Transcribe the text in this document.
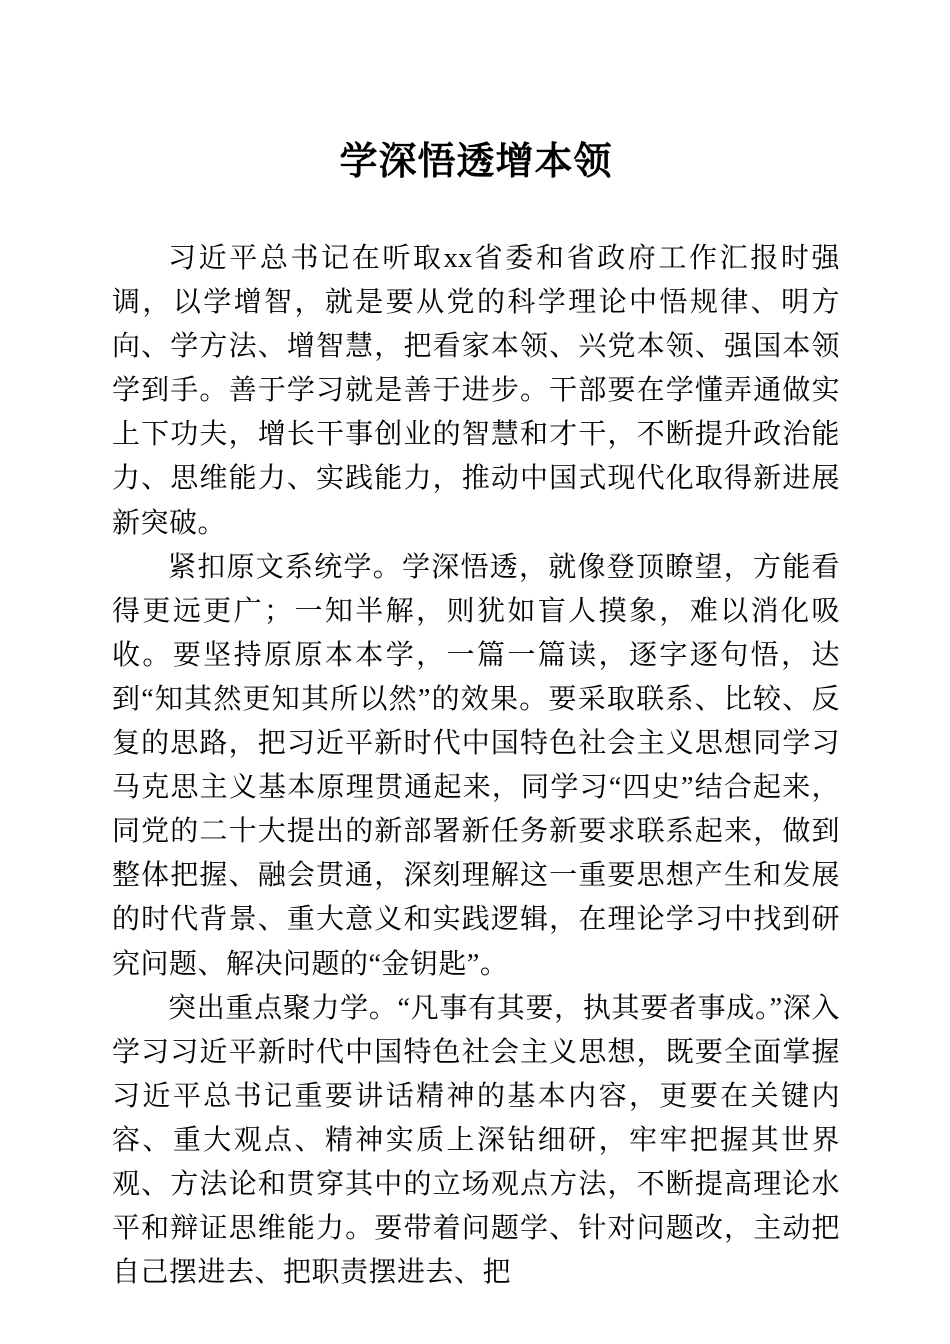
学深悟透增本领

习近平总书记在听取xx省委和省政府工作汇报时强调，以学增智，就是要从党的科学理论中悟规律、明方向、学方法、增智慧，把看家本领、兴党本领、强国本领学到手。善于学习就是善于进步。干部要在学懂弄通做实上下功夫，增长干事创业的智慧和才干，不断提升政治能力、思维能力、实践能力，推动中国式现代化取得新进展新突破。

紧扣原文系统学。学深悟透，就像登顶瞭望，方能看得更远更广；一知半解，则犹如盲人摸象，难以消化吸收。要坚持原原本本学，一篇一篇读，逐字逐句悟，达到“知其然更知其所以然”的效果。要采取联系、比较、反复的思路，把习近平新时代中国特色社会主义思想同学习马克思主义基本原理贯通起来，同学习“四史”结合起来，同党的二十大提出的新部署新任务新要求联系起来，做到整体把握、融会贯通，深刻理解这一重要思想产生和发展的时代背景、重大意义和实践逻辑，在理论学习中找到研究问题、解决问题的“金钥匙”。

突出重点聚力学。“凡事有其要，执其要者事成。”深入学习习近平新时代中国特色社会主义思想，既要全面掌握习近平总书记重要讲话精神的基本内容，更要在关键内容、重大观点、精神实质上深钻细研，牢牢把握其世界观、方法论和贯穿其中的立场观点方法，不断提高理论水平和辩证思维能力。要带着问题学、针对问题改，主动把自己摆进去、把职责摆进去、把
